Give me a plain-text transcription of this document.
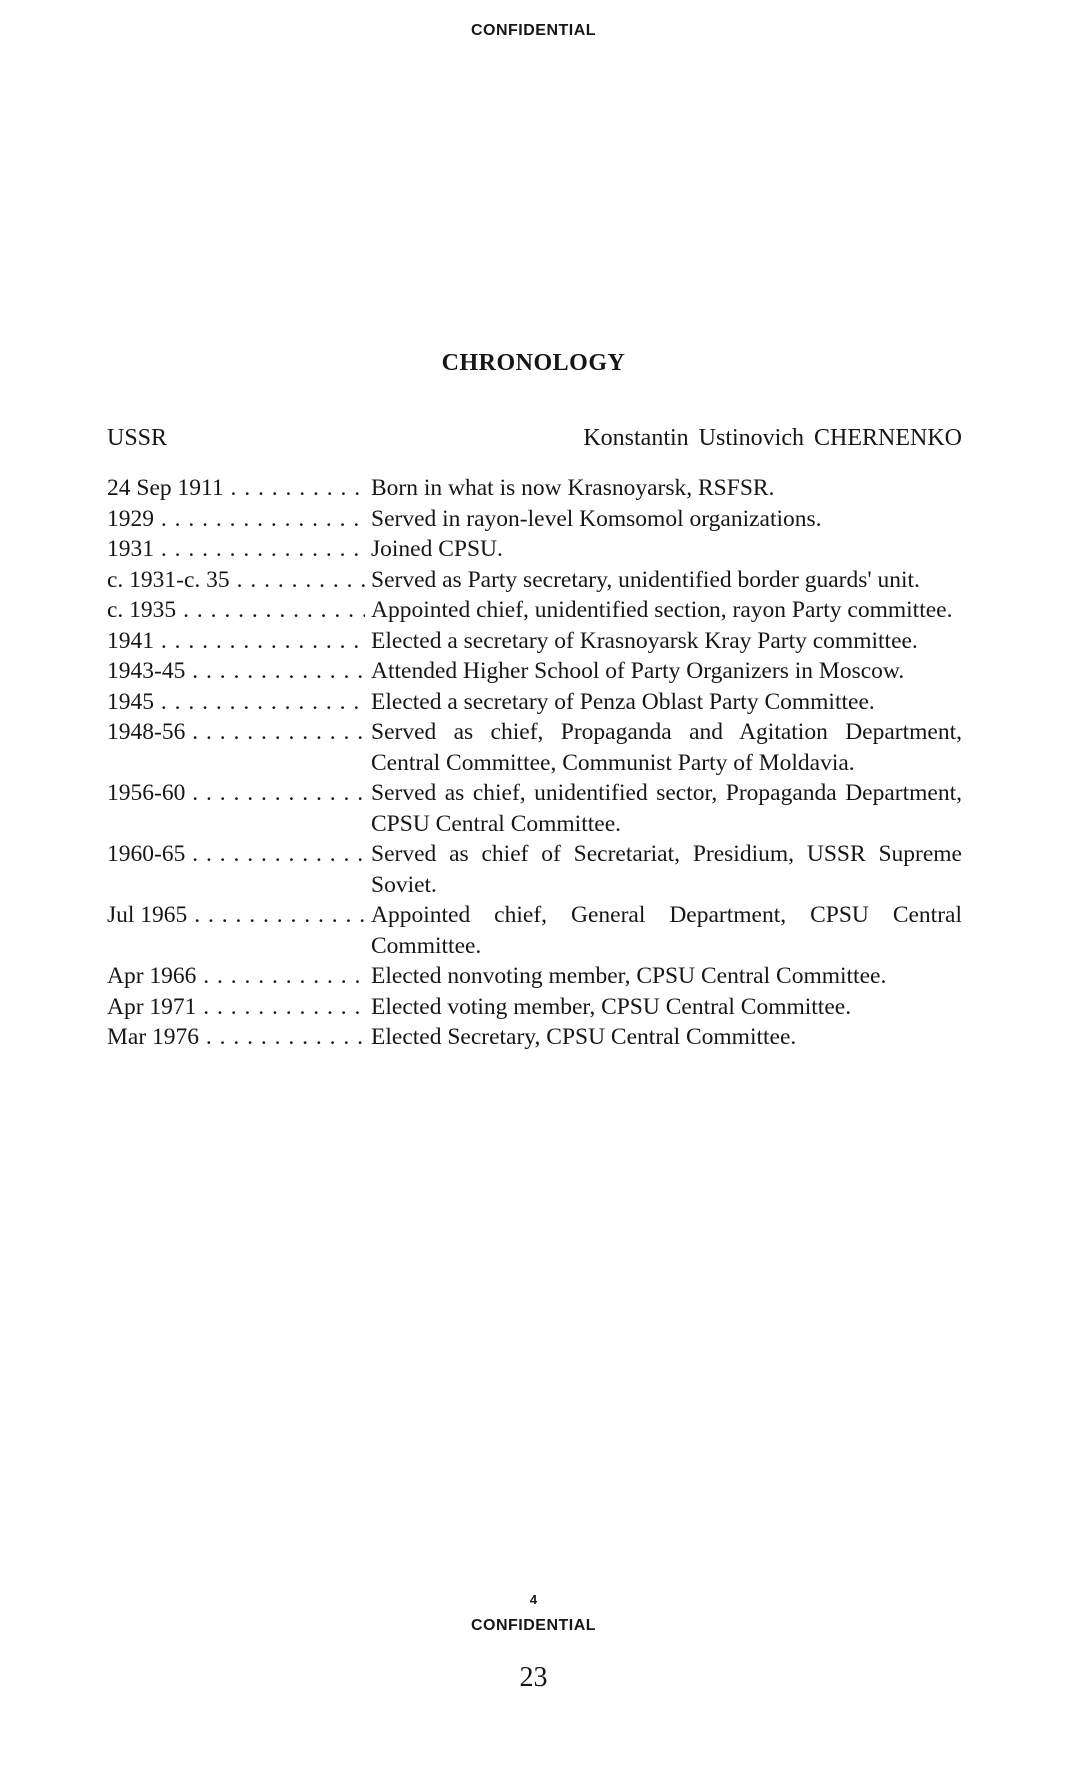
CONFIDENTIAL
CHRONOLOGY
USSR	Konstantin Ustinovich CHERNENKO
24 Sep 1911 . . .	Born in what is now Krasnoyarsk, RSFSR.
1929 . . .	Served in rayon-level Komsomol organizations.
1931 . . .	Joined CPSU.
c. 1931-c. 35 . . .	Served as Party secretary, unidentified border guards' unit.
c. 1935 . . .	Appointed chief, unidentified section, rayon Party committee.
1941 . . .	Elected a secretary of Krasnoyarsk Kray Party committee.
1943-45 . . .	Attended Higher School of Party Organizers in Moscow.
1945 . . .	Elected a secretary of Penza Oblast Party Committee.
1948-56 . . .	Served as chief, Propaganda and Agitation Department, Central Committee, Communist Party of Moldavia.
1956-60 . . .	Served as chief, unidentified sector, Propaganda Department, CPSU Central Committee.
1960-65 . . .	Served as chief of Secretariat, Presidium, USSR Supreme Soviet.
Jul 1965 . . .	Appointed chief, General Department, CPSU Central Committee.
Apr 1966 . . .	Elected nonvoting member, CPSU Central Committee.
Apr 1971 . . .	Elected voting member, CPSU Central Committee.
Mar 1976 . . .	Elected Secretary, CPSU Central Committee.
4
CONFIDENTIAL
23
